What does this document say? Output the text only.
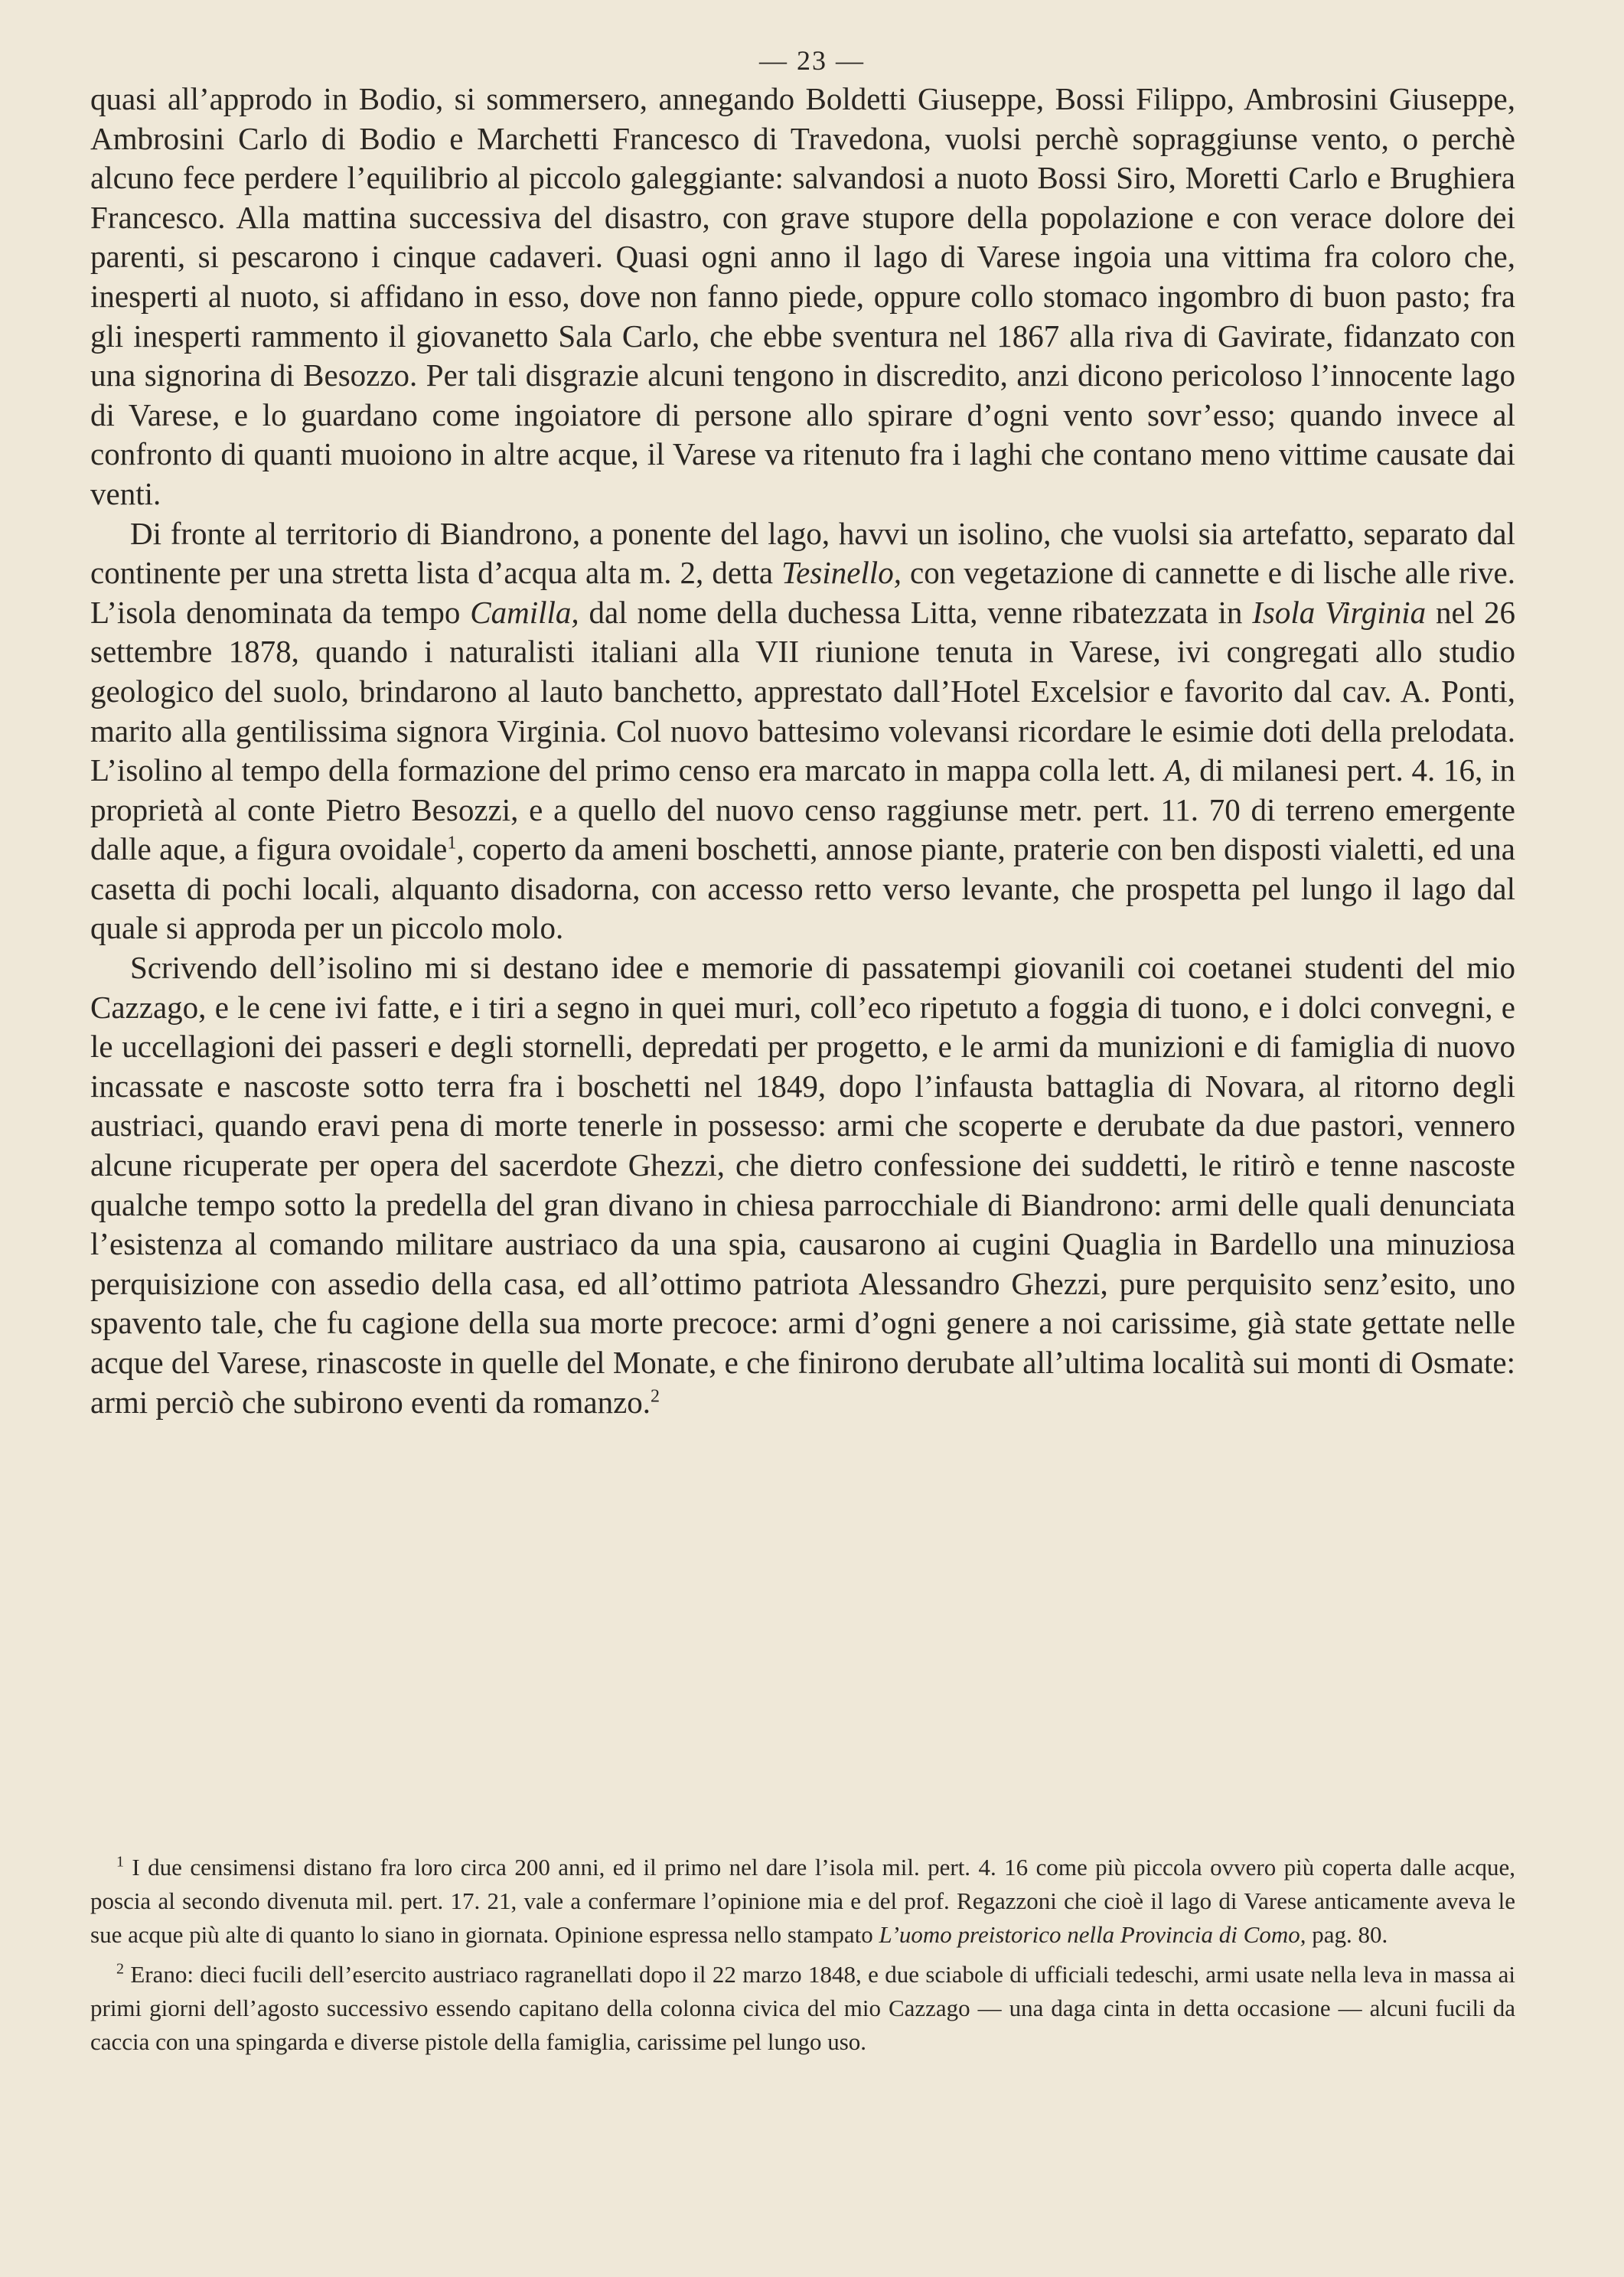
— 23 —

quasi all’approdo in Bodio, si sommersero, annegando Boldetti Giuseppe, Bossi Filippo, Ambrosini Giuseppe, Ambrosini Carlo di Bodio e Marchetti Francesco di Travedona, vuolsi perchè sopraggiunse vento, o perchè alcuno fece perdere l’equilibrio al piccolo galeggiante: salvandosi a nuoto Bossi Siro, Moretti Carlo e Brughiera Francesco. Alla mattina successiva del disastro, con grave stupore della popolazione e con verace dolore dei parenti, si pescarono i cinque cadaveri. Quasi ogni anno il lago di Varese ingoia una vittima fra coloro che, inesperti al nuoto, si affidano in esso, dove non fanno piede, oppure collo stomaco ingombro di buon pasto; fra gli inesperti rammento il giovanetto Sala Carlo, che ebbe sventura nel 1867 alla riva di Gavirate, fidanzato con una signorina di Besozzo. Per tali disgrazie alcuni tengono in discredito, anzi dicono pericoloso l’innocente lago di Varese, e lo guardano come ingoiatore di persone allo spirare d’ogni vento sovr’esso; quando invece al confronto di quanti muoiono in altre acque, il Varese va ritenuto fra i laghi che contano meno vittime causate dai venti.

Di fronte al territorio di Biandrono, a ponente del lago, havvi un isolino, che vuolsi sia artefatto, separato dal continente per una stretta lista d’acqua alta m. 2, detta Tesinello, con vegetazione di cannette e di lische alle rive. L’isola denominata da tempo Camilla, dal nome della duchessa Litta, venne ribatezzata in Isola Virginia nel 26 settembre 1878, quando i naturalisti italiani alla VII riunione tenuta in Varese, ivi congregati allo studio geologico del suolo, brindarono al lauto banchetto, apprestato dall’Hotel Excelsior e favorito dal cav. A. Ponti, marito alla gentilissima signora Virginia. Col nuovo battesimo volevansi ricordare le esimie doti della prelodata. L’isolino al tempo della formazione del primo censo era marcato in mappa colla lett. A, di milanesi pert. 4. 16, in proprietà al conte Pietro Besozzi, e a quello del nuovo censo raggiunse metr. pert. 11. 70 di terreno emergente dalle aque, a figura ovoidale$^1$, coperto da ameni boschetti, annose piante, praterie con ben disposti vialetti, ed una casetta di pochi locali, alquanto disadorna, con accesso retto verso levante, che prospetta pel lungo il lago dal quale si approda per un piccolo molo.

Scrivendo dell’isolino mi si destano idee e memorie di passatempi giovanili coi coetanei studenti del mio Cazzago, e le cene ivi fatte, e i tiri a segno in quei muri, coll’eco ripetuto a foggia di tuono, e i dolci convegni, e le uccellagioni dei passeri e degli stornelli, depredati per progetto, e le armi da munizioni e di famiglia di nuovo incassate e nascoste sotto terra fra i boschetti nel 1849, dopo l’infausta battaglia di Novara, al ritorno degli austriaci, quando eravi pena di morte tenerle in possesso: armi che scoperte e derubate da due pastori, vennero alcune ricuperate per opera del sacerdote Ghezzi, che dietro confessione dei suddetti, le ritirò e tenne nascoste qualche tempo sotto la predella del gran divano in chiesa parrocchiale di Biandrono: armi delle quali denunciata l’esistenza al comando militare austriaco da una spia, causarono ai cugini Quaglia in Bardello una minuziosa perquisizione con assedio della casa, ed all’ottimo patriota Alessandro Ghezzi, pure perquisito senz’esito, uno spavento tale, che fu cagione della sua morte precoce: armi d’ogni genere a noi carissime, già state gettate nelle acque del Varese, rinascoste in quelle del Monate, e che finirono derubate all’ultima località sui monti di Osmate: armi perciò che subirono eventi da romanzo.$^2$

$^1$ I due censimensi distano fra loro circa 200 anni, ed il primo nel dare l’isola mil. pert. 4. 16 come più piccola ovvero più coperta dalle acque, poscia al secondo divenuta mil. pert. 17. 21, vale a confermare l’opinione mia e del prof. Regazzoni che cioè il lago di Varese anticamente aveva le sue acque più alte di quanto lo siano in giornata. Opinione espressa nello stampato L’uomo preistorico nella Provincia di Como, pag. 80.

$^2$ Erano: dieci fucili dell’esercito austriaco ragranellati dopo il 22 marzo 1848, e due sciabole di ufficiali tedeschi, armi usate nella leva in massa ai primi giorni dell’agosto successivo essendo capitano della colonna civica del mio Cazzago — una daga cinta in detta occasione — alcuni fucili da caccia con una spingarda e diverse pistole della famiglia, carissime pel lungo uso.
